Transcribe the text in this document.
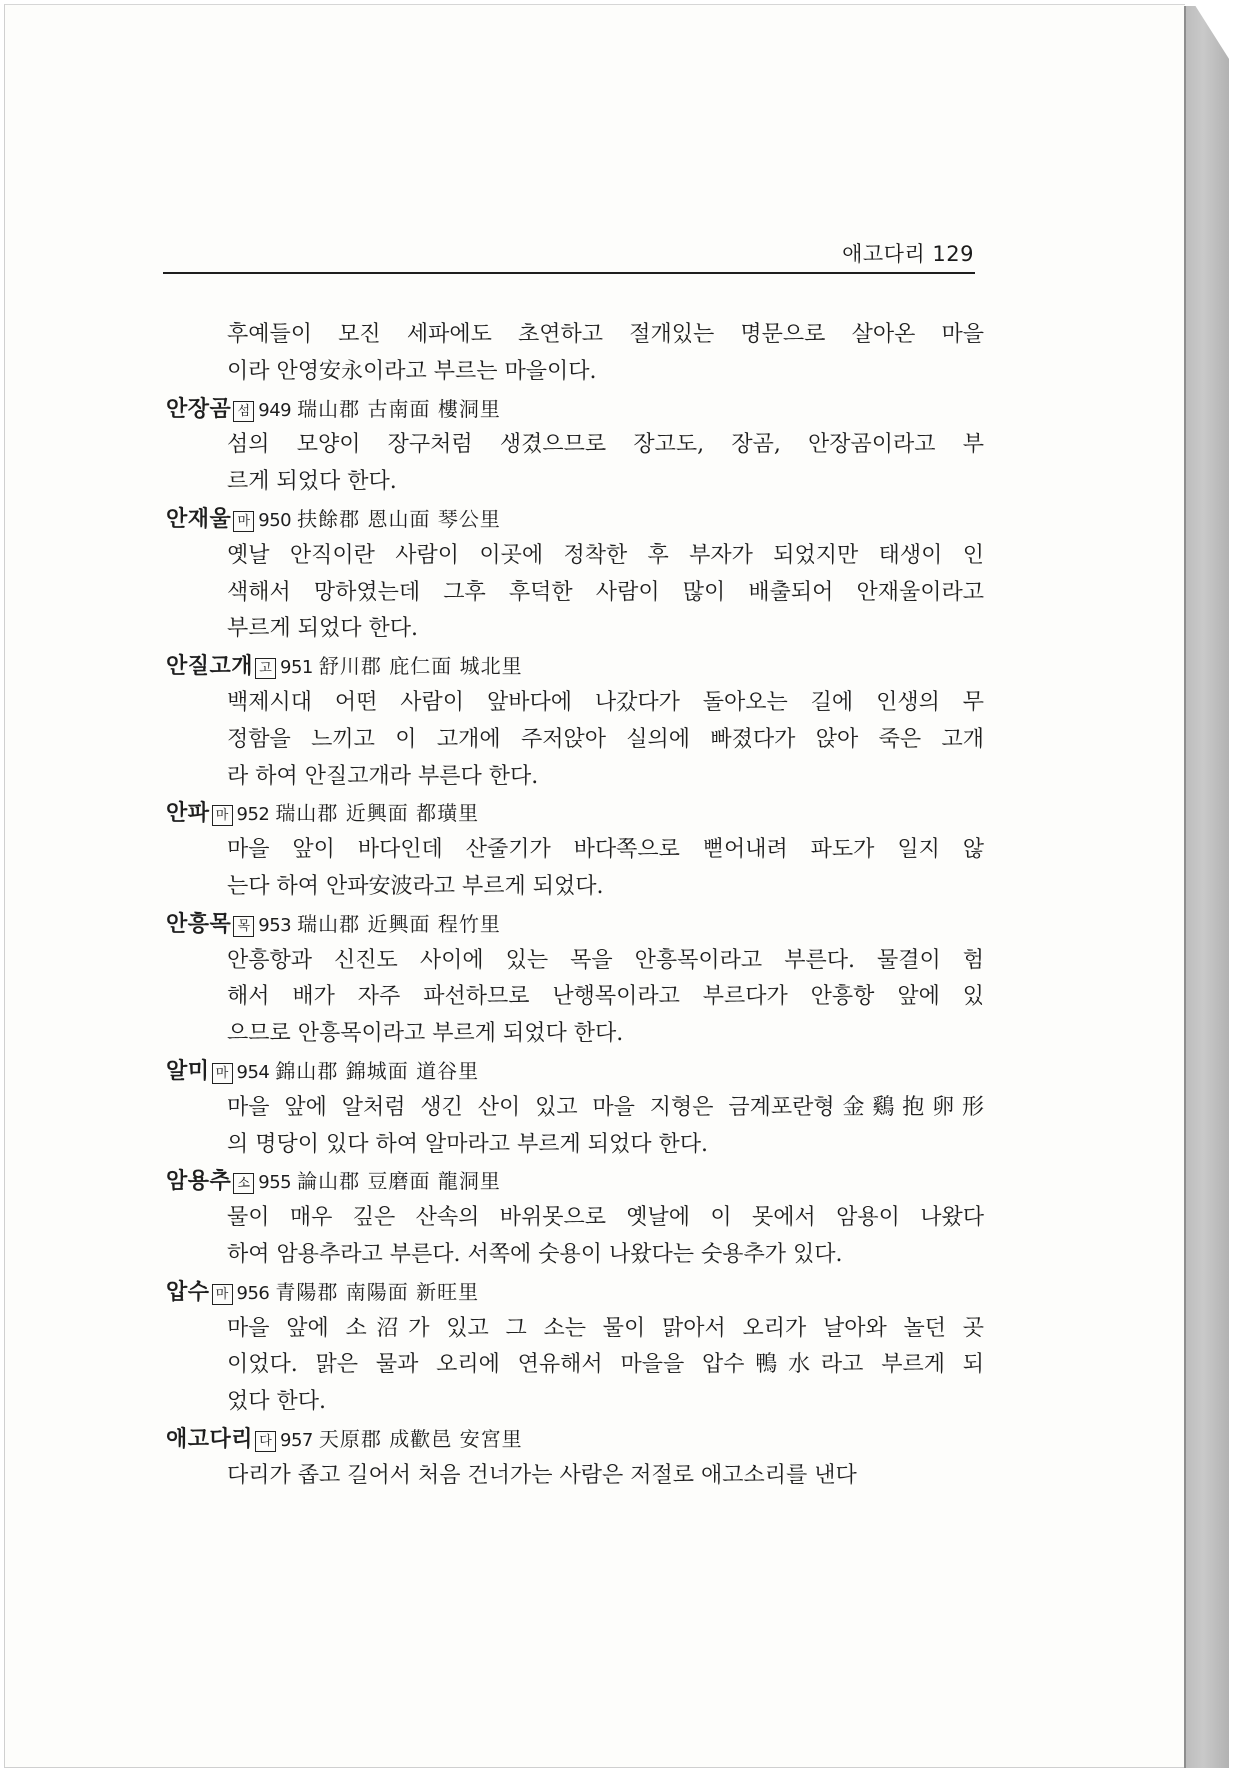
애고다리 129
후예들이 모진 세파에도 초연하고 절개있는 명문으로 살아온 마을
이라 안영安永이라고 부르는 마을이다.
안장곰 섬 949 瑞山郡 古南面 樓洞里
섬의 모양이 장구처럼 생겼으므로 장고도, 장곰, 안장곰이라고 부
르게 되었다 한다.
안재울 마 950 扶餘郡 恩山面 琴公里
옛날 안직이란 사람이 이곳에 정착한 후 부자가 되었지만 태생이 인
색해서 망하였는데 그후 후덕한 사람이 많이 배출되어 안재울이라고
부르게 되었다 한다.
안질고개 고 951 舒川郡 庇仁面 城北里
백제시대 어떤 사람이 앞바다에 나갔다가 돌아오는 길에 인생의 무
정함을 느끼고 이 고개에 주저앉아 실의에 빠졌다가 앉아 죽은 고개
라 하여 안질고개라 부른다 한다.
안파 마 952 瑞山郡 近興面 都璜里
마을 앞이 바다인데 산줄기가 바다쪽으로 뻗어내려 파도가 일지 않
는다 하여 안파安波라고 부르게 되었다.
안흥목 목 953 瑞山郡 近興面 程竹里
안흥항과 신진도 사이에 있는 목을 안흥목이라고 부른다. 물결이 험
해서 배가 자주 파선하므로 난행목이라고 부르다가 안흥항 앞에 있
으므로 안흥목이라고 부르게 되었다 한다.
알미 마 954 錦山郡 錦城面 道谷里
마을 앞에 알처럼 생긴 산이 있고 마을 지형은 금계포란형金鷄抱卵形
의 명당이 있다 하여 알마라고 부르게 되었다 한다.
암용추 소 955 論山郡 豆磨面 龍洞里
물이 매우 깊은 산속의 바위못으로 옛날에 이 못에서 암용이 나왔다
하여 암용추라고 부른다. 서쪽에 숫용이 나왔다는 숫용추가 있다.
압수 마 956 青陽郡 南陽面 新旺里
마을 앞에 소沼가 있고 그 소는 물이 맑아서 오리가 날아와 놀던 곳
이었다. 맑은 물과 오리에 연유해서 마을을 압수鴨水라고 부르게 되
었다 한다.
애고다리 다 957 天原郡 成歡邑 安宮里
다리가 좁고 길어서 처음 건너가는 사람은 저절로 애고소리를 낸다
